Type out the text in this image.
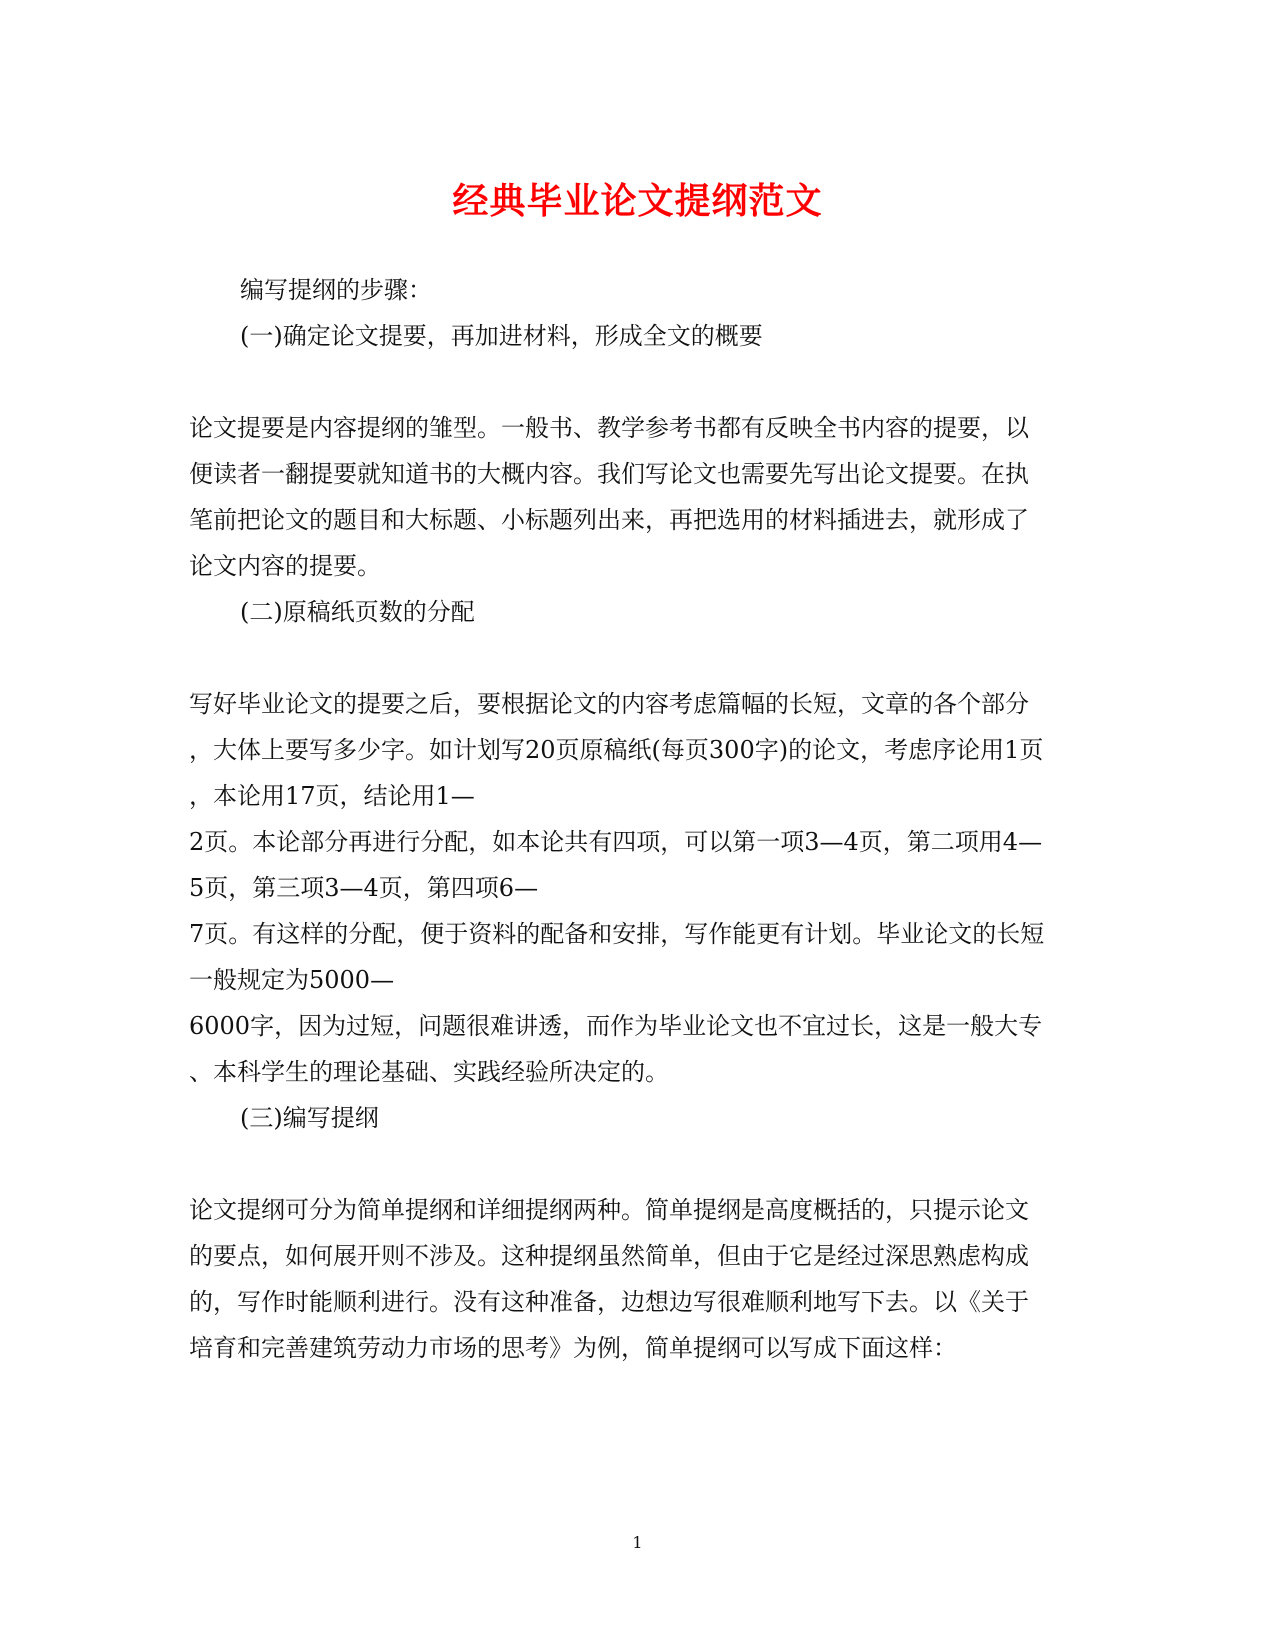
经典毕业论文提纲范文
编写提纲的步骤：
(一)确定论文提要，再加进材料，形成全文的概要
论文提要是内容提纲的雏型。一般书、教学参考书都有反映全书内容的提要，以
便读者一翻提要就知道书的大概内容。我们写论文也需要先写出论文提要。在执
笔前把论文的题目和大标题、小标题列出来，再把选用的材料插进去，就形成了
论文内容的提要。
(二)原稿纸页数的分配
写好毕业论文的提要之后，要根据论文的内容考虑篇幅的长短，文章的各个部分
，大体上要写多少字。如计划写20页原稿纸(每页300字)的论文，考虑序论用1页
，本论用17页，结论用1—
2页。本论部分再进行分配，如本论共有四项，可以第一项3—4页，第二项用4—
5页，第三项3—4页，第四项6—
7页。有这样的分配，便于资料的配备和安排，写作能更有计划。毕业论文的长短
一般规定为5000—
6000字，因为过短，问题很难讲透，而作为毕业论文也不宜过长，这是一般大专
、本科学生的理论基础、实践经验所决定的。
(三)编写提纲
论文提纲可分为简单提纲和详细提纲两种。简单提纲是高度概括的，只提示论文
的要点，如何展开则不涉及。这种提纲虽然简单，但由于它是经过深思熟虑构成
的，写作时能顺利进行。没有这种准备，边想边写很难顺利地写下去。以《关于
培育和完善建筑劳动力市场的思考》为例，简单提纲可以写成下面这样：
1
